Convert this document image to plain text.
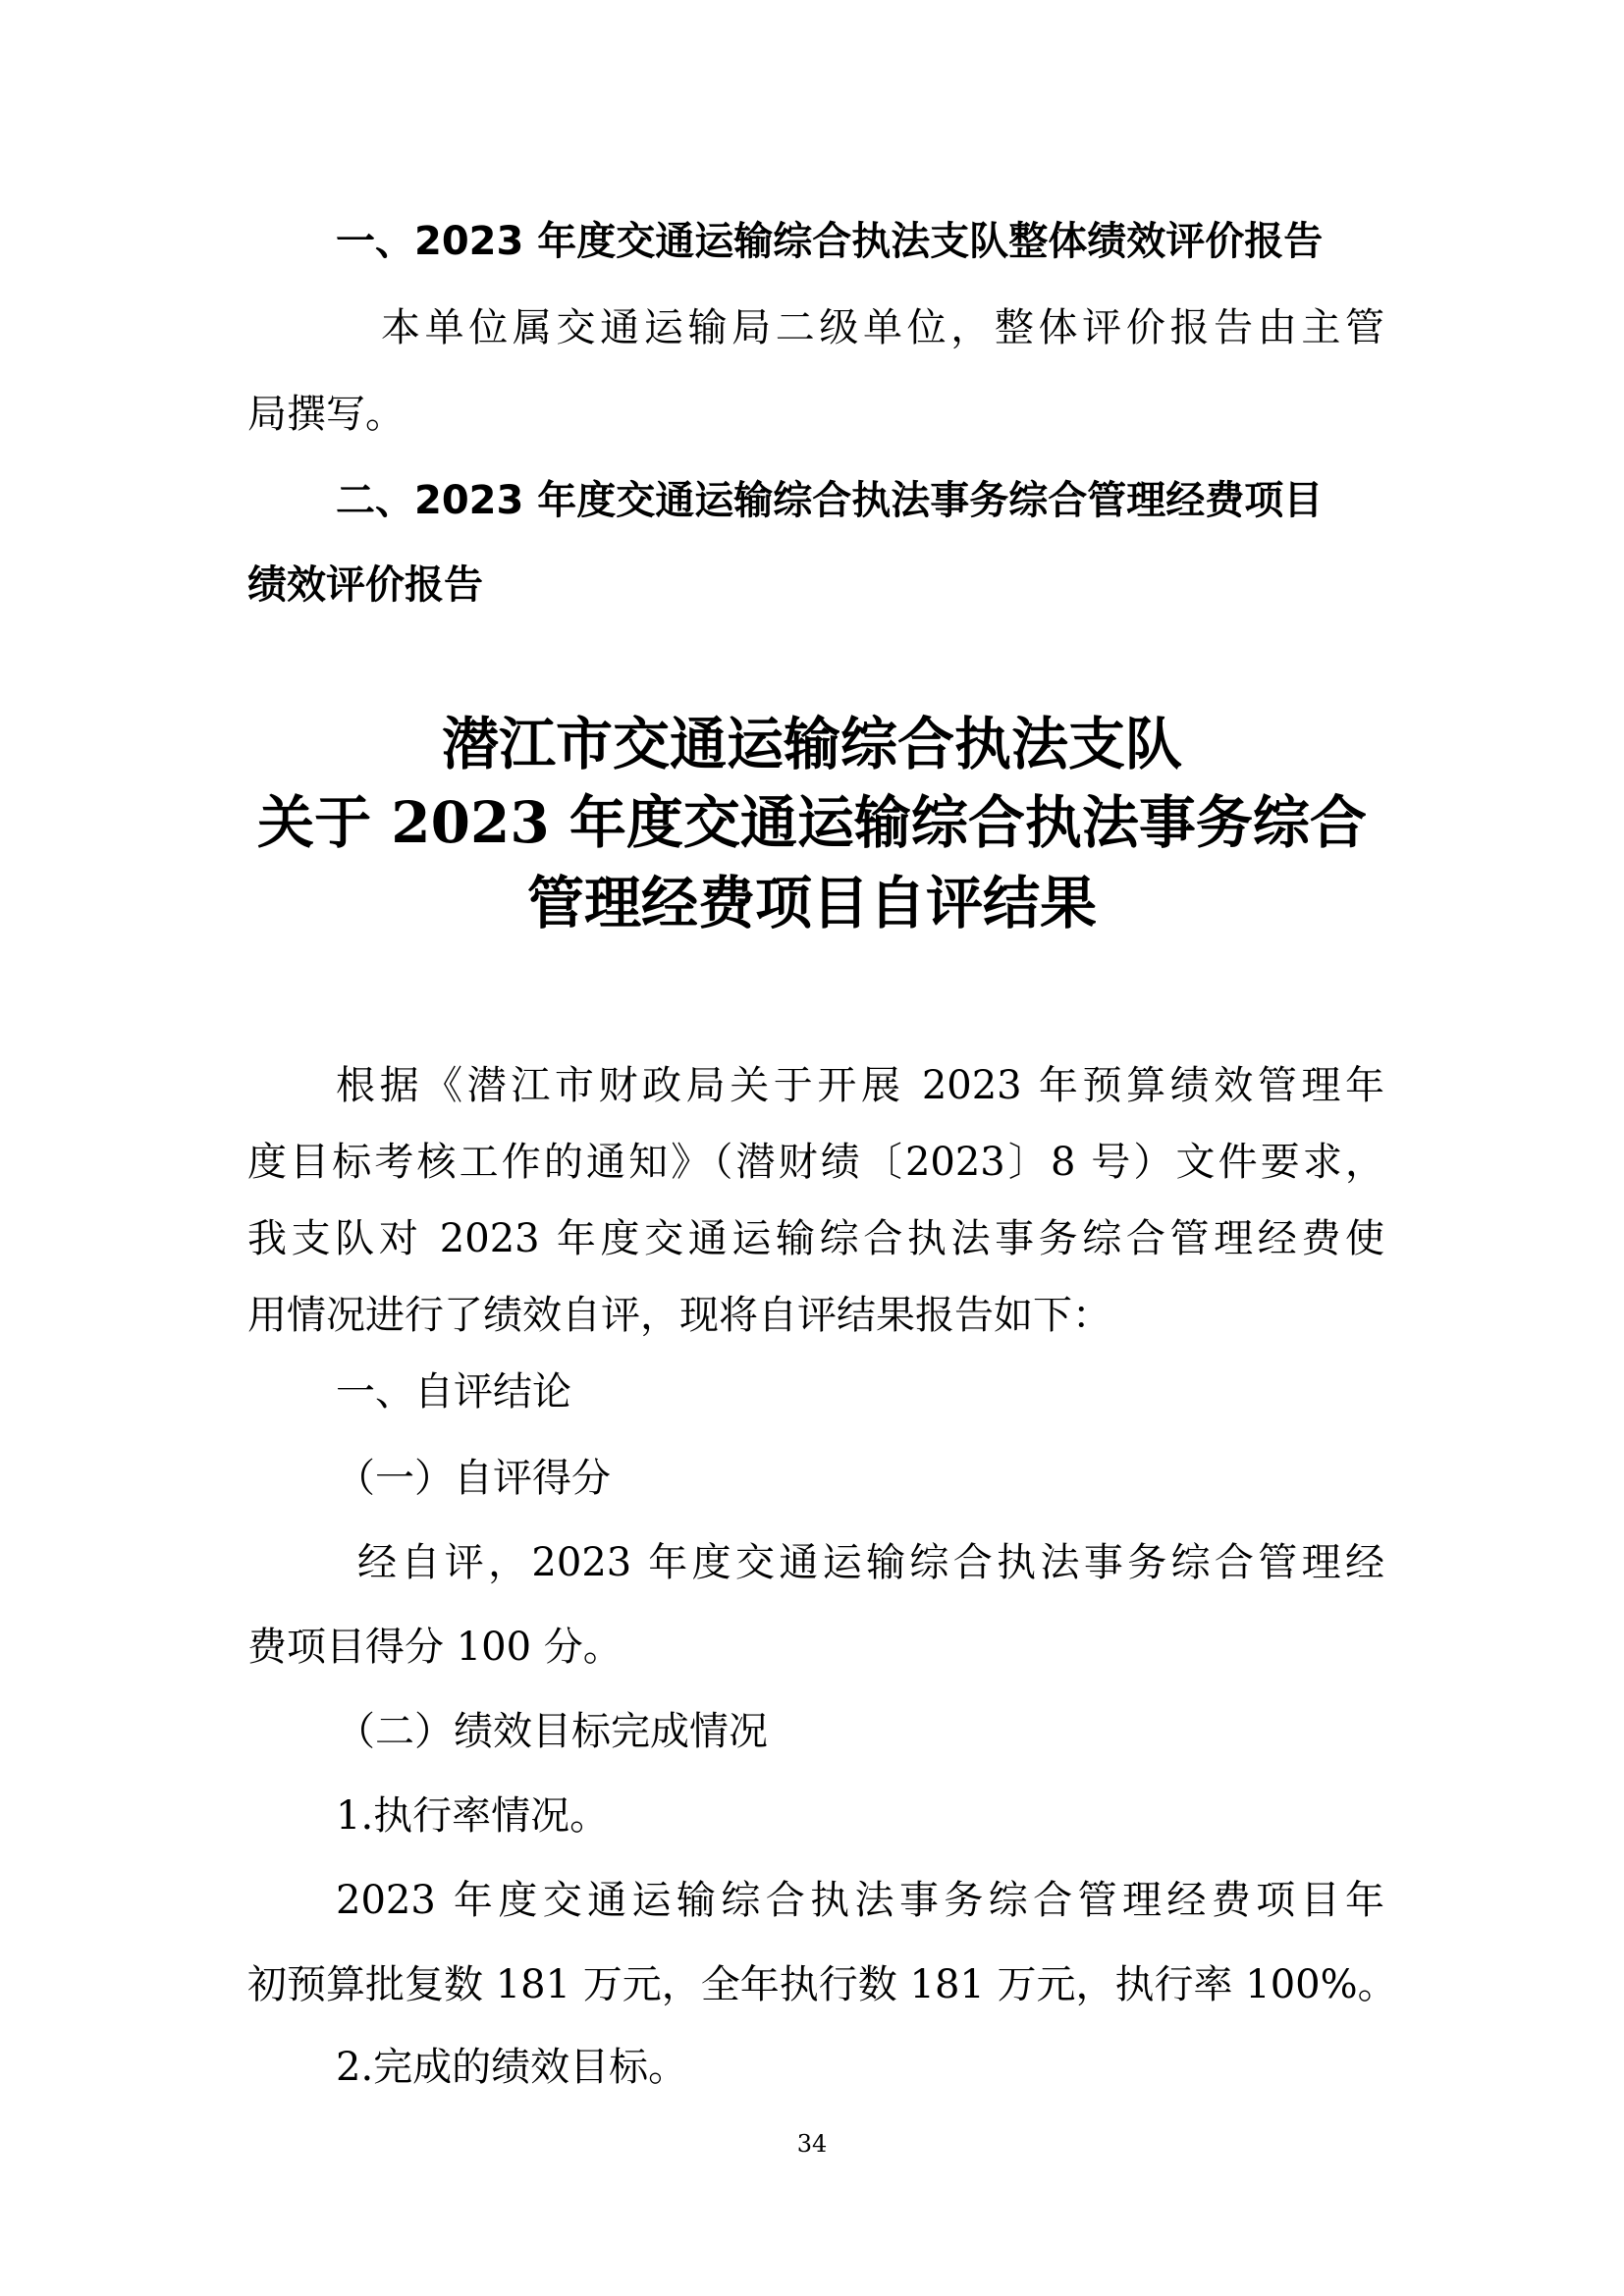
一、2023 年度交通运输综合执法支队整体绩效评价报告
本单位属交通运输局二级单位，整体评价报告由主管
局撰写。
二、2023 年度交通运输综合执法事务综合管理经费项目
绩效评价报告
潜江市交通运输综合执法支队
关于 2023 年度交通运输综合执法事务综合
管理经费项目自评结果
根据《潜江市财政局关于开展 2023 年预算绩效管理年
度目标考核工作的通知》（潜财绩〔2023〕8 号）文件要求，
我支队对 2023 年度交通运输综合执法事务综合管理经费使
用情况进行了绩效自评，现将自评结果报告如下：
一、自评结论
（一）自评得分
经自评，2023 年度交通运输综合执法事务综合管理经
费项目得分 100 分。
（二）绩效目标完成情况
1.执行率情况。
2023 年度交通运输综合执法事务综合管理经费项目年
初预算批复数 181 万元，全年执行数 181 万元，执行率 100%。
2.完成的绩效目标。
34
